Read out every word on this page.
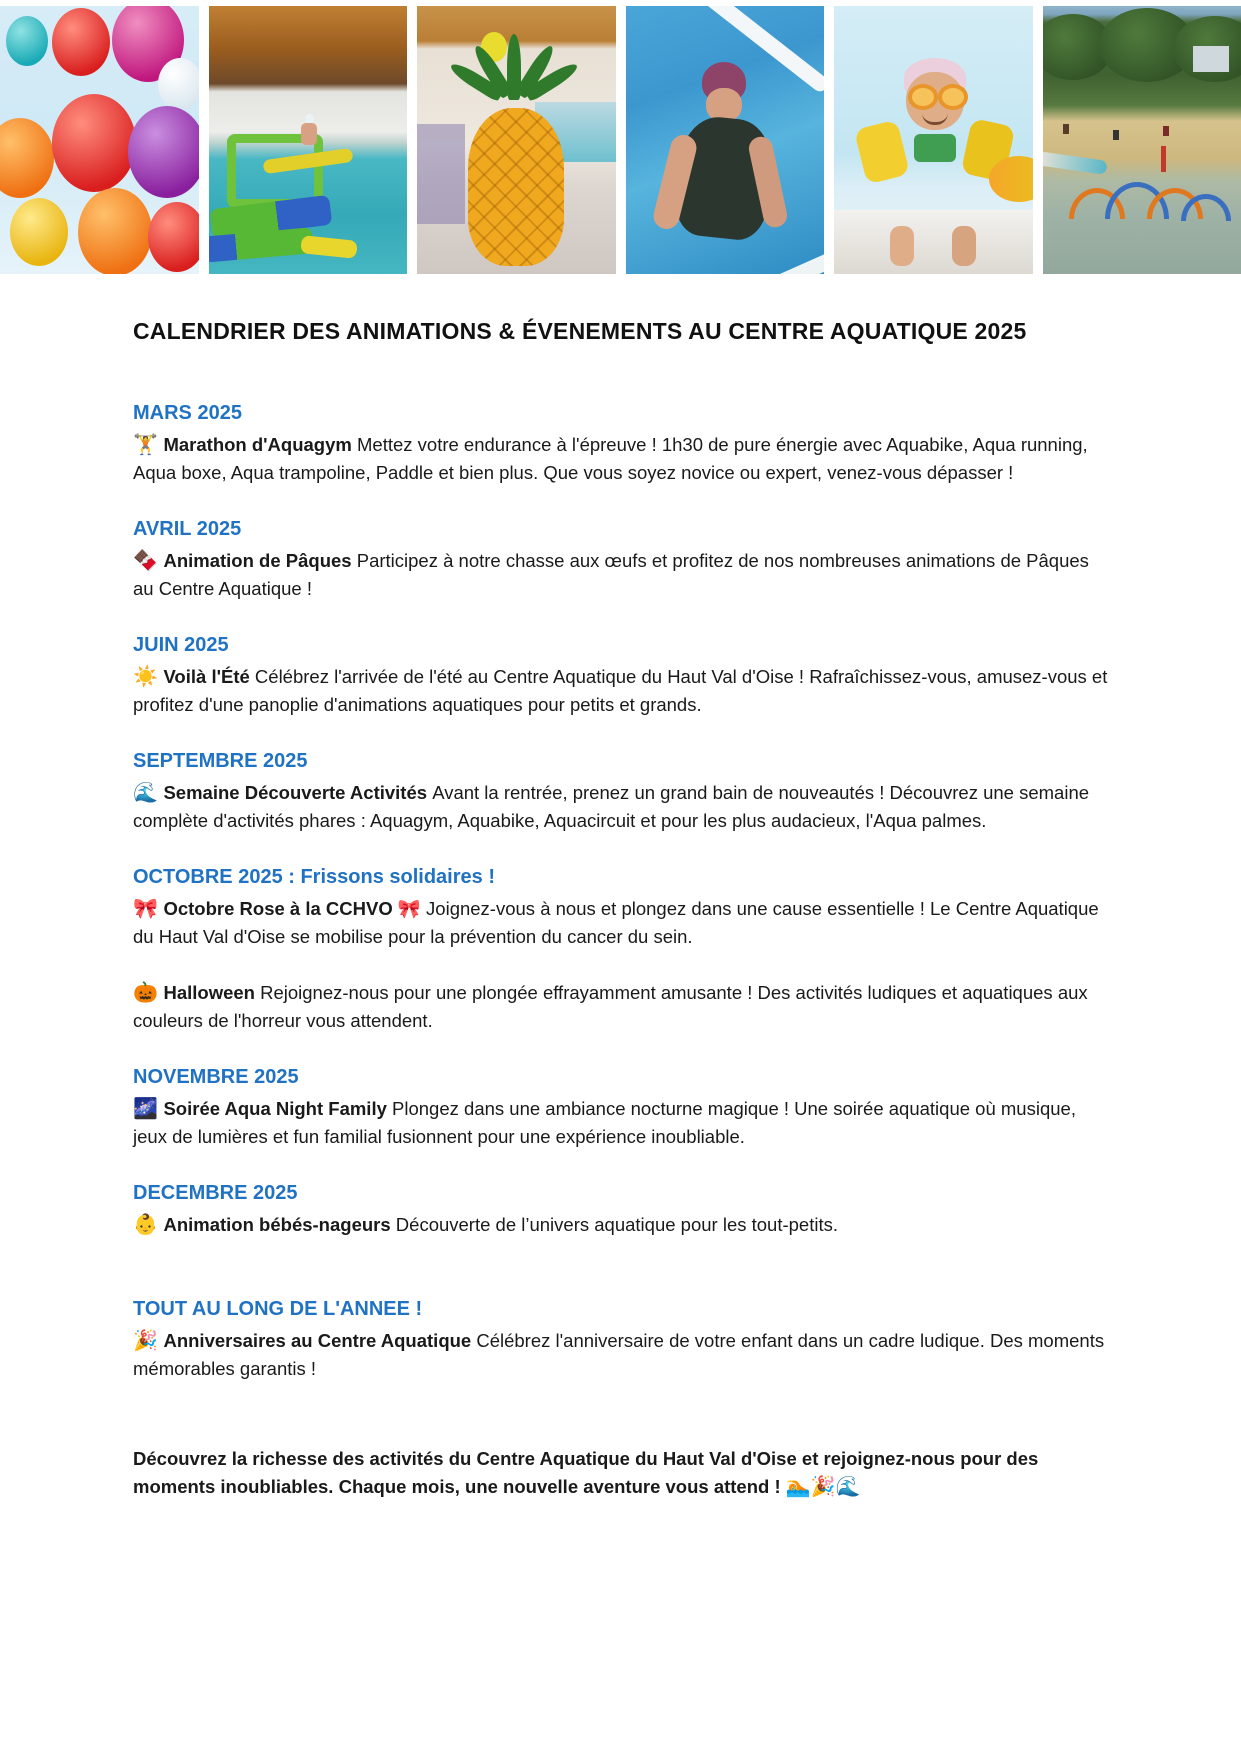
CALENDRIER DES ANIMATIONS & ÉVENEMENTS AU CENTRE AQUATIQUE 2025
MARS 2025

🏋️ Marathon d'Aquagym Mettez votre endurance à l'épreuve ! 1h30 de pure énergie avec Aquabike, Aqua running, Aqua boxe, Aqua trampoline, Paddle et bien plus. Que vous soyez novice ou expert, venez-vous dépasser !

AVRIL 2025

🍫 Animation de Pâques Participez à notre chasse aux œufs et profitez de nos nombreuses animations de Pâques au Centre Aquatique !

JUIN 2025

☀️ Voilà l'Été Célébrez l'arrivée de l'été au Centre Aquatique du Haut Val d'Oise ! Rafraîchissez-vous, amusez-vous et profitez d'une panoplie d'animations aquatiques pour petits et grands.

SEPTEMBRE 2025

🌊 Semaine Découverte Activités Avant la rentrée, prenez un grand bain de nouveautés ! Découvrez une semaine complète d'activités phares : Aquagym, Aquabike, Aquacircuit et pour les plus audacieux, l'Aqua palmes.

OCTOBRE 2025 : Frissons solidaires !

🎀 Octobre Rose à la CCHVO 🎀 Joignez-vous à nous et plongez dans une cause essentielle ! Le Centre Aquatique du Haut Val d'Oise se mobilise pour la prévention du cancer du sein.

🎃 Halloween Rejoignez-nous pour une plongée effrayamment amusante ! Des activités ludiques et aquatiques aux couleurs de l'horreur vous attendent.

NOVEMBRE 2025

🌌 Soirée Aqua Night Family Plongez dans une ambiance nocturne magique ! Une soirée aquatique où musique, jeux de lumières et fun familial fusionnent pour une expérience inoubliable.

DECEMBRE 2025

👶 Animation bébés-nageurs Découverte de l’univers aquatique pour les tout-petits.

TOUT AU LONG DE L'ANNEE !

🎉 Anniversaires au Centre Aquatique Célébrez l'anniversaire de votre enfant dans un cadre ludique. Des moments mémorables garantis !

Découvrez la richesse des activités du Centre Aquatique du Haut Val d'Oise et rejoignez-nous pour des moments inoubliables. Chaque mois, une nouvelle aventure vous attend ! 🏊🎉🌊
